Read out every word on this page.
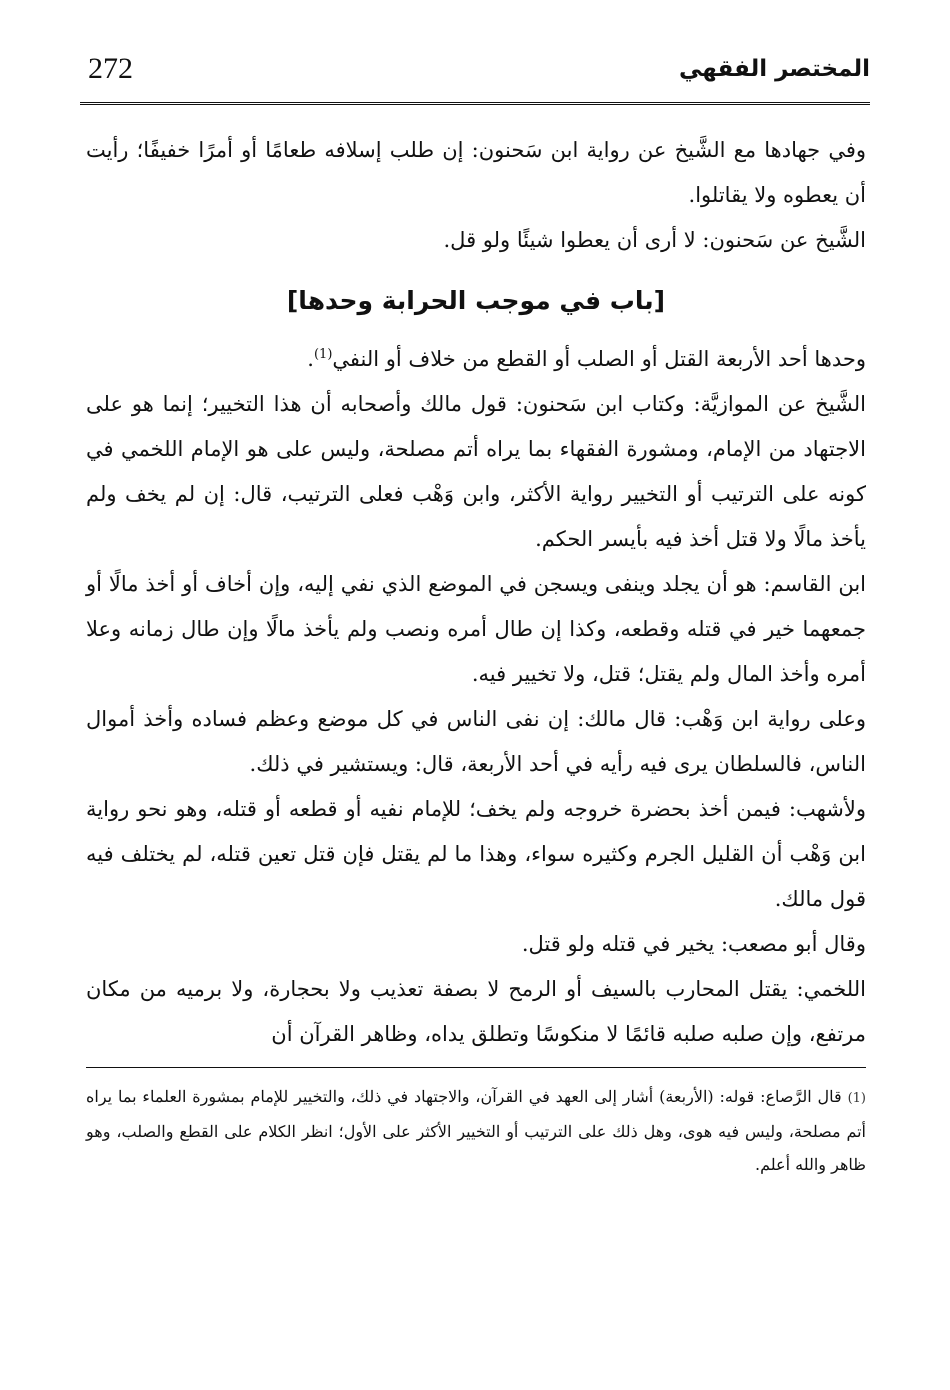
272	المختصر الفقهي

وفي جهادها مع الشَّيخ عن رواية ابن سَحنون: إن طلب إسلافه طعامًا أو أمرًا خفيفًا؛ رأيت أن يعطوه ولا يقاتلوا.

الشَّيخ عن سَحنون: لا أرى أن يعطوا شيئًا ولو قل.

[باب في موجب الحرابة وحدها]

وحدها أحد الأربعة القتل أو الصلب أو القطع من خلاف أو النفي$^{(1)}$.

الشَّيخ عن الموازيَّة: وكتاب ابن سَحنون: قول مالك وأصحابه أن هذا التخيير؛ إنما هو على الاجتهاد من الإمام، ومشورة الفقهاء بما يراه أتم مصلحة، وليس على هو الإمام اللخمي في كونه على الترتيب أو التخيير رواية الأكثر، وابن وَهْب فعلى الترتيب، قال: إن لم يخف ولم يأخذ مالًا ولا قتل أخذ فيه بأيسر الحكم.

ابن القاسم: هو أن يجلد وينفى ويسجن في الموضع الذي نفي إليه، وإن أخاف أو أخذ مالًا أو جمعهما خير في قتله وقطعه، وكذا إن طال أمره ونصب ولم يأخذ مالًا وإن طال زمانه وعلا أمره وأخذ المال ولم يقتل؛ قتل، ولا تخيير فيه.

وعلى رواية ابن وَهْب: قال مالك: إن نفى الناس في كل موضع وعظم فساده وأخذ أموال الناس، فالسلطان يرى فيه رأيه في أحد الأربعة، قال: ويستشير في ذلك.

ولأشهب: فيمن أخذ بحضرة خروجه ولم يخف؛ للإمام نفيه أو قطعه أو قتله، وهو نحو رواية ابن وَهْب أن القليل الجرم وكثيره سواء، وهذا ما لم يقتل فإن قتل تعين قتله، لم يختلف فيه قول مالك.

وقال أبو مصعب: يخير في قتله ولو قتل.

اللخمي: يقتل المحارب بالسيف أو الرمح لا بصفة تعذيب ولا بحجارة، ولا برميه من مكان مرتفع، وإن صلبه صلبه قائمًا لا منكوسًا وتطلق يداه، وظاهر القرآن أن

(1) قال الرَّصاع: قوله: (الأربعة) أشار إلى العهد في القرآن، والاجتهاد في ذلك، والتخيير للإمام بمشورة العلماء بما يراه أتم مصلحة، وليس فيه هوى، وهل ذلك على الترتيب أو التخيير الأكثر على الأول؛ انظر الكلام على القطع والصلب، وهو ظاهر والله أعلم.
